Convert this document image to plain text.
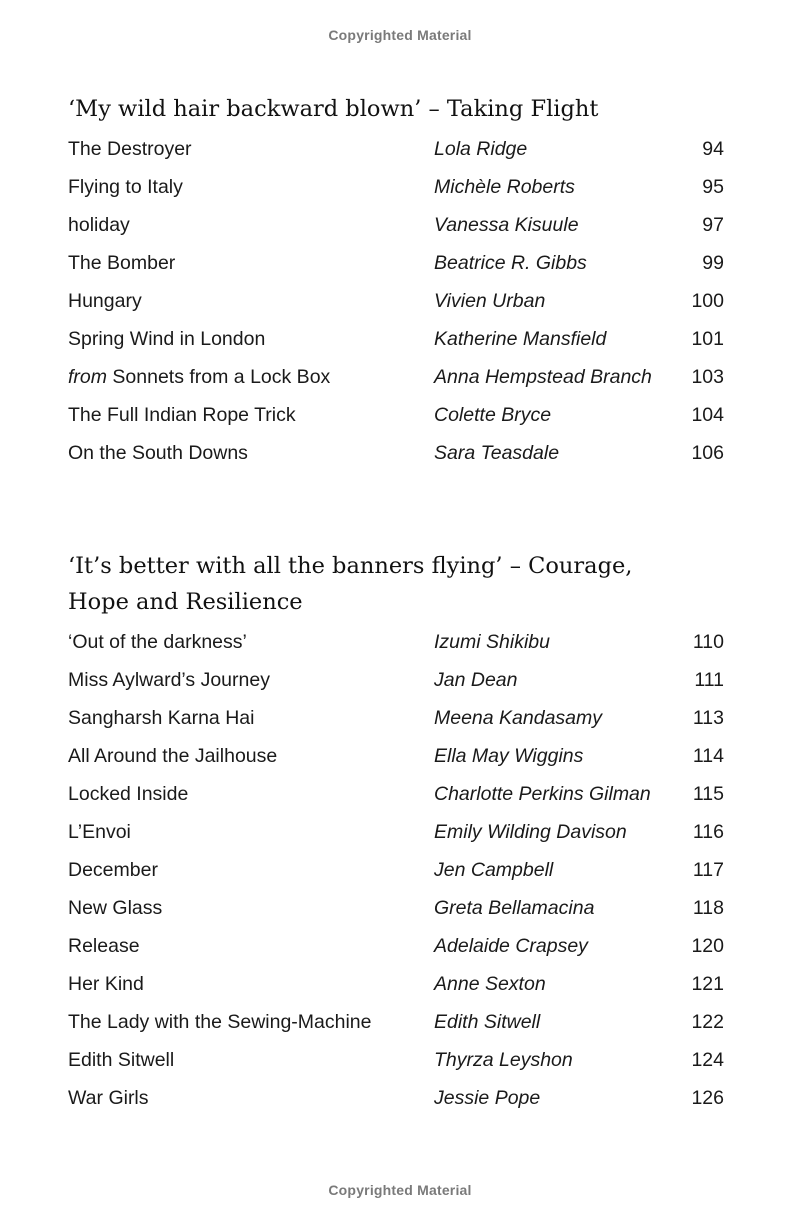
Copyrighted Material
‘My wild hair backward blown’ – Taking Flight
The Destroyer	Lola Ridge	94
Flying to Italy	Michèle Roberts	95
holiday	Vanessa Kisuule	97
The Bomber	Beatrice R. Gibbs	99
Hungary	Vivien Urban	100
Spring Wind in London	Katherine Mansfield	101
from Sonnets from a Lock Box	Anna Hempstead Branch 103
The Full Indian Rope Trick	Colette Bryce	104
On the South Downs	Sara Teasdale	106
‘It’s better with all the banners flying’ – Courage,
Hope and Resilience
‘Out of the darkness’	Izumi Shikibu	110
Miss Aylward’s Journey	Jan Dean	111
Sangharsh Karna Hai	Meena Kandasamy	113
All Around the Jailhouse	Ella May Wiggins	114
Locked Inside	Charlotte Perkins Gilman 115
L’Envoi	Emily Wilding Davison	116
December	Jen Campbell	117
New Glass	Greta Bellamacina	118
Release	Adelaide Crapsey	120
Her Kind	Anne Sexton	121
The Lady with the Sewing-Machine	Edith Sitwell	122
Edith Sitwell	Thyrza Leyshon	124
War Girls	Jessie Pope	126
Copyrighted Material
